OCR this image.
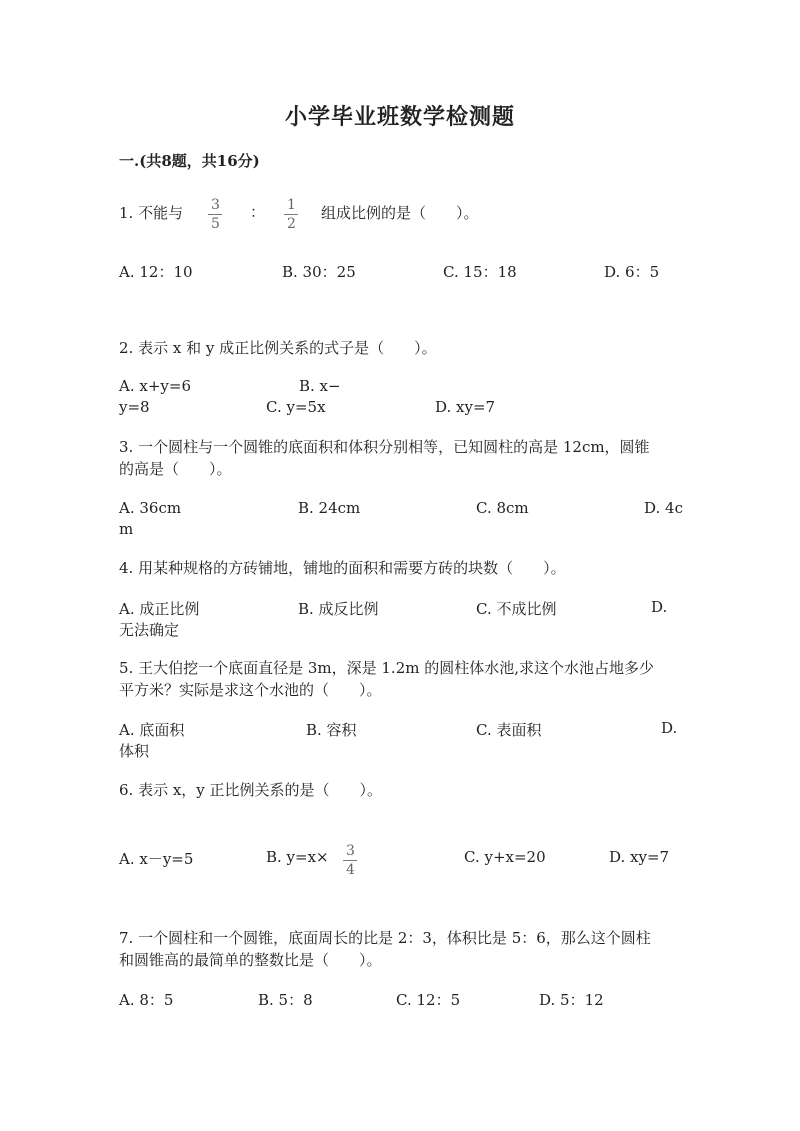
小学毕业班数学检测题
一.(共8题，共16分)
1. 不能与 3
5
： 1
2
组成比例的是（　　）。
A. 12：10	B. 30：25	C. 15：18	D. 6：5
2. 表示 x 和 y 成正比例关系的式子是（　　）。
A. x+y=6	B. x−
y=8	C. y=5x	D. xy=7
3. 一个圆柱与一个圆锥的底面积和体积分别相等，已知圆柱的高是 12cm，圆锥
的高是（　　）。
A. 36cm	B. 24cm	C. 8cm	D. 4c
m
4. 用某种规格的方砖铺地，铺地的面积和需要方砖的块数（　　）。
A. 成正比例	B. 成反比例	C. 不成比例	D.
无法确定
5. 王大伯挖一个底面直径是 3m，深是 1.2m 的圆柱体水池,求这个水池占地多少
平方米？实际是求这个水池的（　　）。
A. 底面积	B. 容积	C. 表面积	D.
体积
6. 表示 x，y 正比例关系的是（　　）。
A. x－y=5	B. y=x× 3
4
C. y+x=20	D. xy=7
7. 一个圆柱和一个圆锥，底面周长的比是 2：3，体积比是 5：6，那么这个圆柱
和圆锥高的最简单的整数比是（　　）。
A. 8：5	B. 5：8	C. 12：5	D. 5：12
